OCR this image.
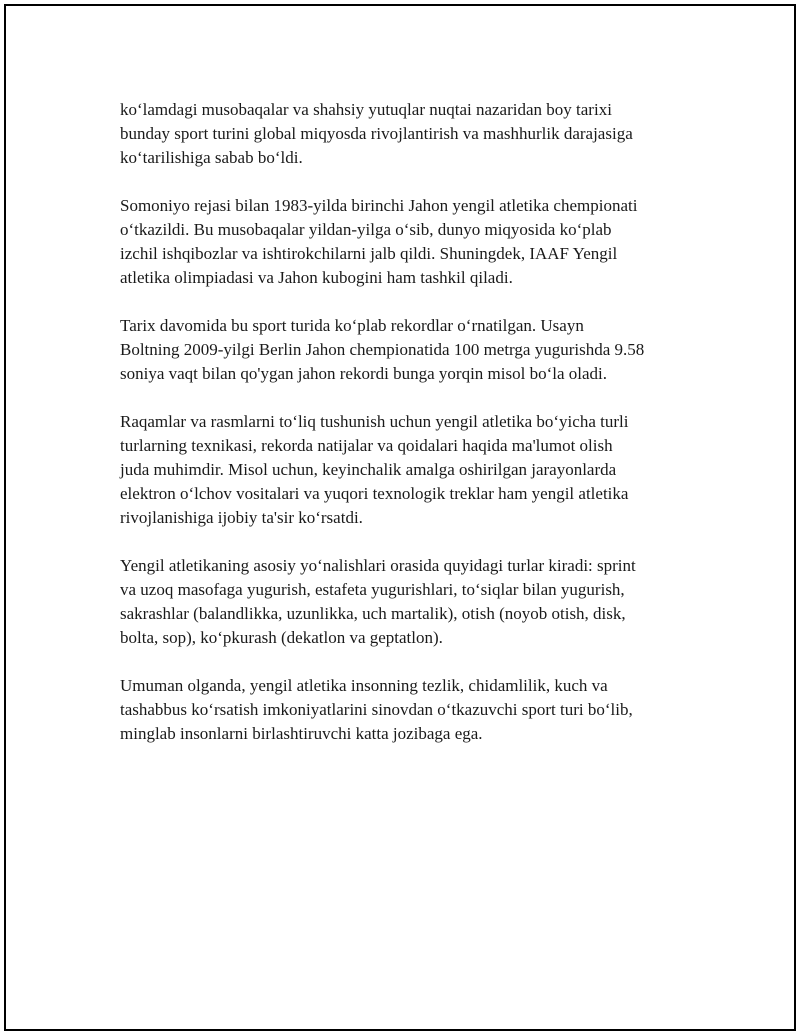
ko‘lamdagi musobaqalar va shahsiy yutuqlar nuqtai nazaridan boy tarixi
bunday sport turini global miqyosda rivojlantirish va mashhurlik darajasiga
ko‘tarilishiga sabab bo‘ldi.

Somoniyo rejasi bilan 1983-yilda birinchi Jahon yengil atletika chempionati
o‘tkazildi. Bu musobaqalar yildan-yilga o‘sib, dunyo miqyosida ko‘plab
izchil ishqibozlar va ishtirokchilarni jalb qildi. Shuningdek, IAAF Yengil
atletika olimpiadasi va Jahon kubogini ham tashkil qiladi.

Tarix davomida bu sport turida ko‘plab rekordlar o‘rnatilgan. Usayn
Boltning 2009-yilgi Berlin Jahon chempionatida 100 metrga yugurishda 9.58
soniya vaqt bilan qo'ygan jahon rekordi bunga yorqin misol bo‘la oladi.

Raqamlar va rasmlarni to‘liq tushunish uchun yengil atletika bo‘yicha turli
turlarning texnikasi, rekorda natijalar va qoidalari haqida ma'lumot olish
juda muhimdir. Misol uchun, keyinchalik amalga oshirilgan jarayonlarda
elektron o‘lchov vositalari va yuqori texnologik treklar ham yengil atletika
rivojlanishiga ijobiy ta'sir ko‘rsatdi.

Yengil atletikaning asosiy yo‘nalishlari orasida quyidagi turlar kiradi: sprint
va uzoq masofaga yugurish, estafeta yugurishlari, to‘siqlar bilan yugurish,
sakrashlar (balandlikka, uzunlikka, uch martalik), otish (noyob otish, disk,
bolta, sop), ko‘pkurash (dekatlon va geptatlon).

Umuman olganda, yengil atletika insonning tezlik, chidamlilik, kuch va
tashabbus ko‘rsatish imkoniyatlarini sinovdan o‘tkazuvchi sport turi bo‘lib,
minglab insonlarni birlashtiruvchi katta jozibaga ega.
